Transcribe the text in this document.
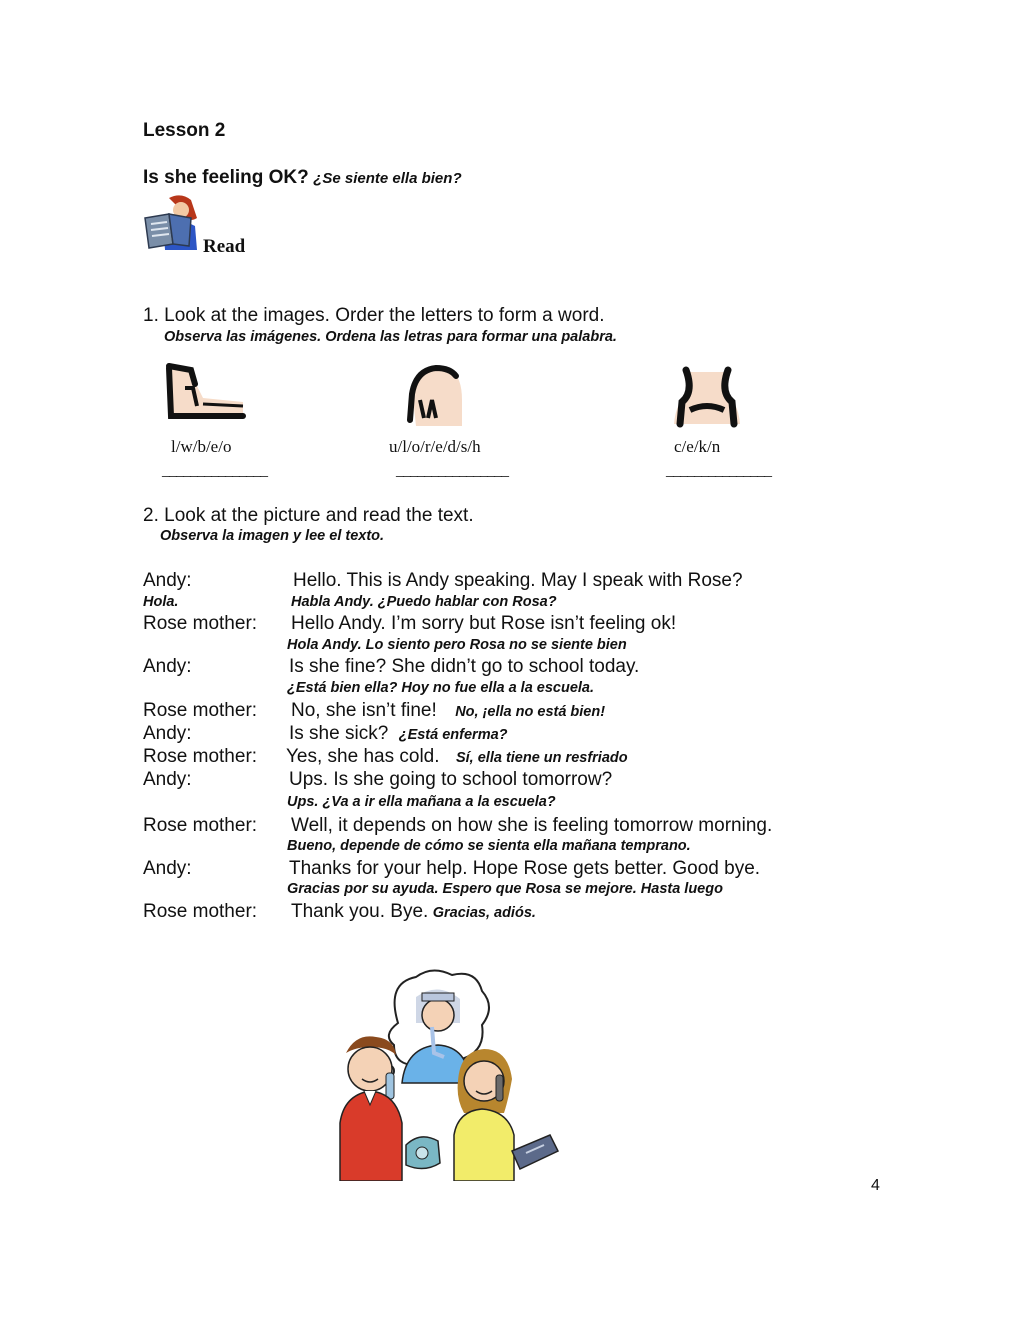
Lesson 2
Is she feeling OK? ¿Se siente ella bien?
Read
1. Look at the images. Order the letters to form a word.
Observa las imágenes. Ordena las letras para formar una palabra.
l/w/b/e/o	u/l/o/r/e/d/s/h	c/e/k/n
_______________	________________	_______________
2. Look at the picture and read the text.
Observa la imagen y lee el texto.
Andy:	Hello. This is Andy speaking. May I speak with Rose?
Hola.	Habla Andy. ¿Puedo hablar con Rosa?
Rose mother: Hello Andy. I’m sorry but Rose isn’t feeling ok!
Hola Andy. Lo siento pero Rosa no se siente bien
Andy:	Is she fine? She didn’t go to school today.
¿Está bien ella? Hoy no fue ella a la escuela.
Rose mother: No, she isn’t fine! No, ¡ella no está bien!
Andy:	Is she sick? ¿Está enferma?
Rose mother: Yes, she has cold. Sí, ella tiene un resfriado
Andy:	Ups. Is she going to school tomorrow?
Ups. ¿Va a ir ella mañana a la escuela?
Rose mother: Well, it depends on how she is feeling tomorrow morning.
Bueno, depende de cómo se sienta ella mañana temprano.
Andy:	Thanks for your help. Hope Rose gets better. Good bye.
Gracias por su ayuda. Espero que Rosa se mejore. Hasta luego
Rose mother: Thank you. Bye. Gracias, adiós.
4
